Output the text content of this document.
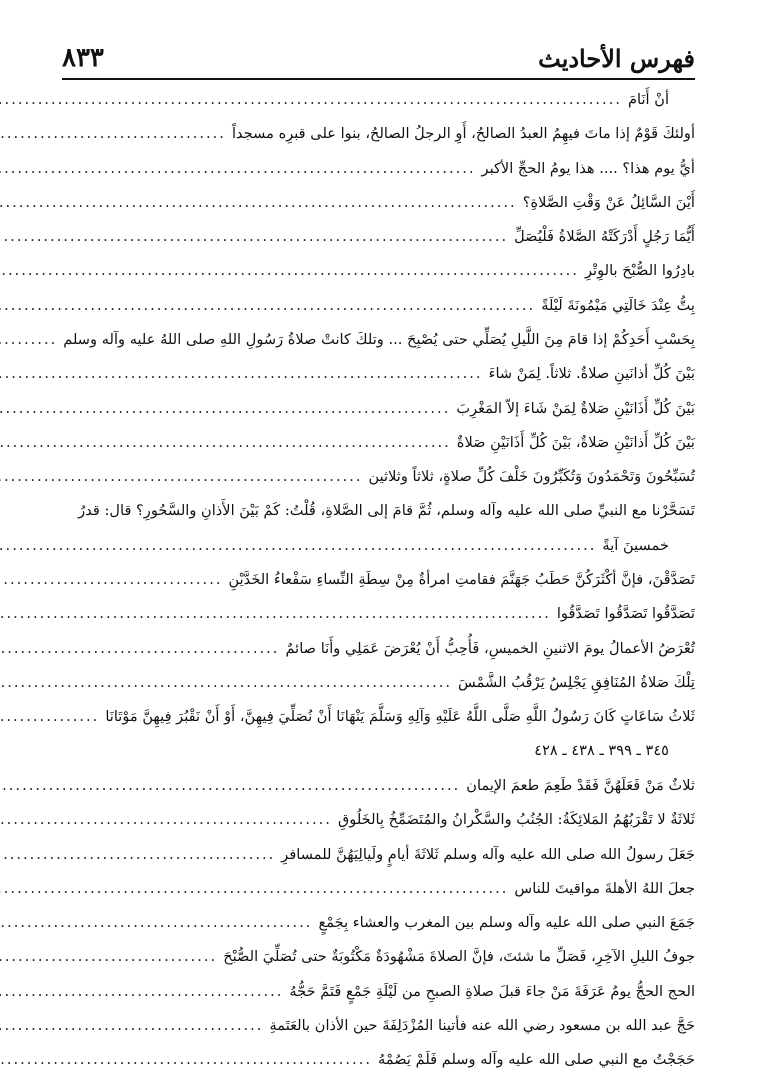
٨٣٣	فهرس الأحاديث
أنْ أَنَامَ
.....
أولئكَ قَوْمٌ إذا ماتَ فيهِمُ العبدُ الصالحُ، أَوِ الرجلُ الصالحُ، بنوا على قبرِه مسجداً
.....
أيُّ يوم هذا؟ .... هذا يومُ الحجِّ الأكبر
.....
أَيْنَ السَّائِلُ عَنْ وَقْتِ الصَّلاةِ؟
.....
أَيُّمَا رَجُلٍ أَدْرَكَتْهُ الصَّلاةُ فَلْيُصَلِّ
.....
بادِرُوا الصُّبْحَ بالوِتْرِ
.....
بِتُّ عِنْدَ خَالَتِي مَيْمُونَةَ لَيْلَةً
.....
بِحَسْبِ أَحَدِكُمْ إذا قامَ مِنَ اللَّيلِ يُصَلِّي حتى يُصْبِحَ ... وتلكَ كانتْ صلاةُ رَسُولِ اللهِ صلى اللهُ عليه وآله وسلم
.....
بَيْنَ كُلِّ أذانَينِ صلاةٌ. ثلاثاً. لِمَنْ شاءَ
.....
بَيْنَ كُلِّ أَذَانَيْنِ صَلاةٌ لِمَنْ شَاءَ إلاّ المَغْرِبَ
.....
بَيْنَ كُلِّ أَذانَيْنِ صَلاةٌ، بَيْنَ كُلِّ أَذَانَيْنِ صَلاةٌ
.....
تُسَبِّحُونَ وَتَحْمَدُونَ وَتُكَبِّرُونَ خَلْفَ كُلِّ صلاةٍ، ثلاثاً وثلاثين
.....
تَسَحَّرْنا مع النبيِّ صلى الله عليه وآله وسلم، ثُمَّ قامَ إلى الصَّلاةِ، قُلْتُ: كَمْ بَيْنَ الأَذانِ والسَّحُورِ؟ قال: قدرُ
خمسينَ آيةً
.....
تَصَدَّقْنَ، فإنَّ أكْثَرَكُنَّ حَطَبُ جَهَنَّمَ فقامتِ امرأةٌ مِنْ سِطَةِ النِّساءِ سَفْعاءُ الخَدَّيْنِ
.....
تَصَدَّقُوا تَصَدَّقُوا تَصَدَّقُوا
.....
تُعْرَضُ الأعمالُ يومَ الاثنينِ الخميسِ، فَأُحِبُّ أَنْ يُعْرَضَ عَمَلِي وأَنَا صائمٌ
.....
تِلْكَ صَلاةُ المُنَافِقِ يَجْلِسُ يَرْقُبُ الشَّمْسَ
.....
ثَلاثُ سَاعَاتٍ كَانَ رَسُولُ اللَّهِ صَلَّى اللَّهُ عَلَيْهِ وَآلِهِ وَسَلَّمَ يَنْهَانَا أَنْ نُصَلِّيَ فِيهِنَّ، أَوْ أَنْ نَقْبُرَ فِيهِنَّ مَوْتَانَا
.....
٣٤٥ ـ ٣٩٩ ـ ٤٣٨ ـ ٤٢٨
ثلاثٌ مَنْ فَعَلَهُنَّ فَقَدْ طَعِمَ طعمَ الإيمان
.....
ثَلاثَةٌ لا تَقْرَبُهُمُ المَلائِكَةُ: الجُنُبُ والسَّكْرانُ والمُتَضَمِّخُ بِالخَلُوقِ
.....
جَعَلَ رسولُ الله صلى الله عليه وآله وسلم ثَلاثَةَ أيامٍ ولَيالِيَهُنَّ للمسافرِ
.....
جعلَ اللهُ الأهلةَ مواقيتَ للناس
.....
جَمَعَ النبي صلى الله عليه وآله وسلم بين المغرب والعشاء بِجَمْعٍ
.....
جوفُ الليلِ الآخِرِ، فَصَلِّ ما شئتَ، فإنَّ الصلاةَ مَشْهُودَةٌ مَكْتُوبَةٌ حتى تُصَلِّيَ الصُّبْحَ
.....
الحج الحجُّ يومُ عَرَفَةَ مَنْ جاءَ قبلَ صلاةِ الصبحِ من لَيْلَةِ جَمْعٍ فَتَمَّ حَجُّهُ
.....
حَجَّ عبد الله بن مسعود رضي الله عنه فأتينا المُزْدَلِفَةَ حين الأذان بالعَتَمةِ
.....
حَجَجْتُ مع النبي صلى الله عليه وآله وسلم فَلَمْ يَصُمْهُ
.....
